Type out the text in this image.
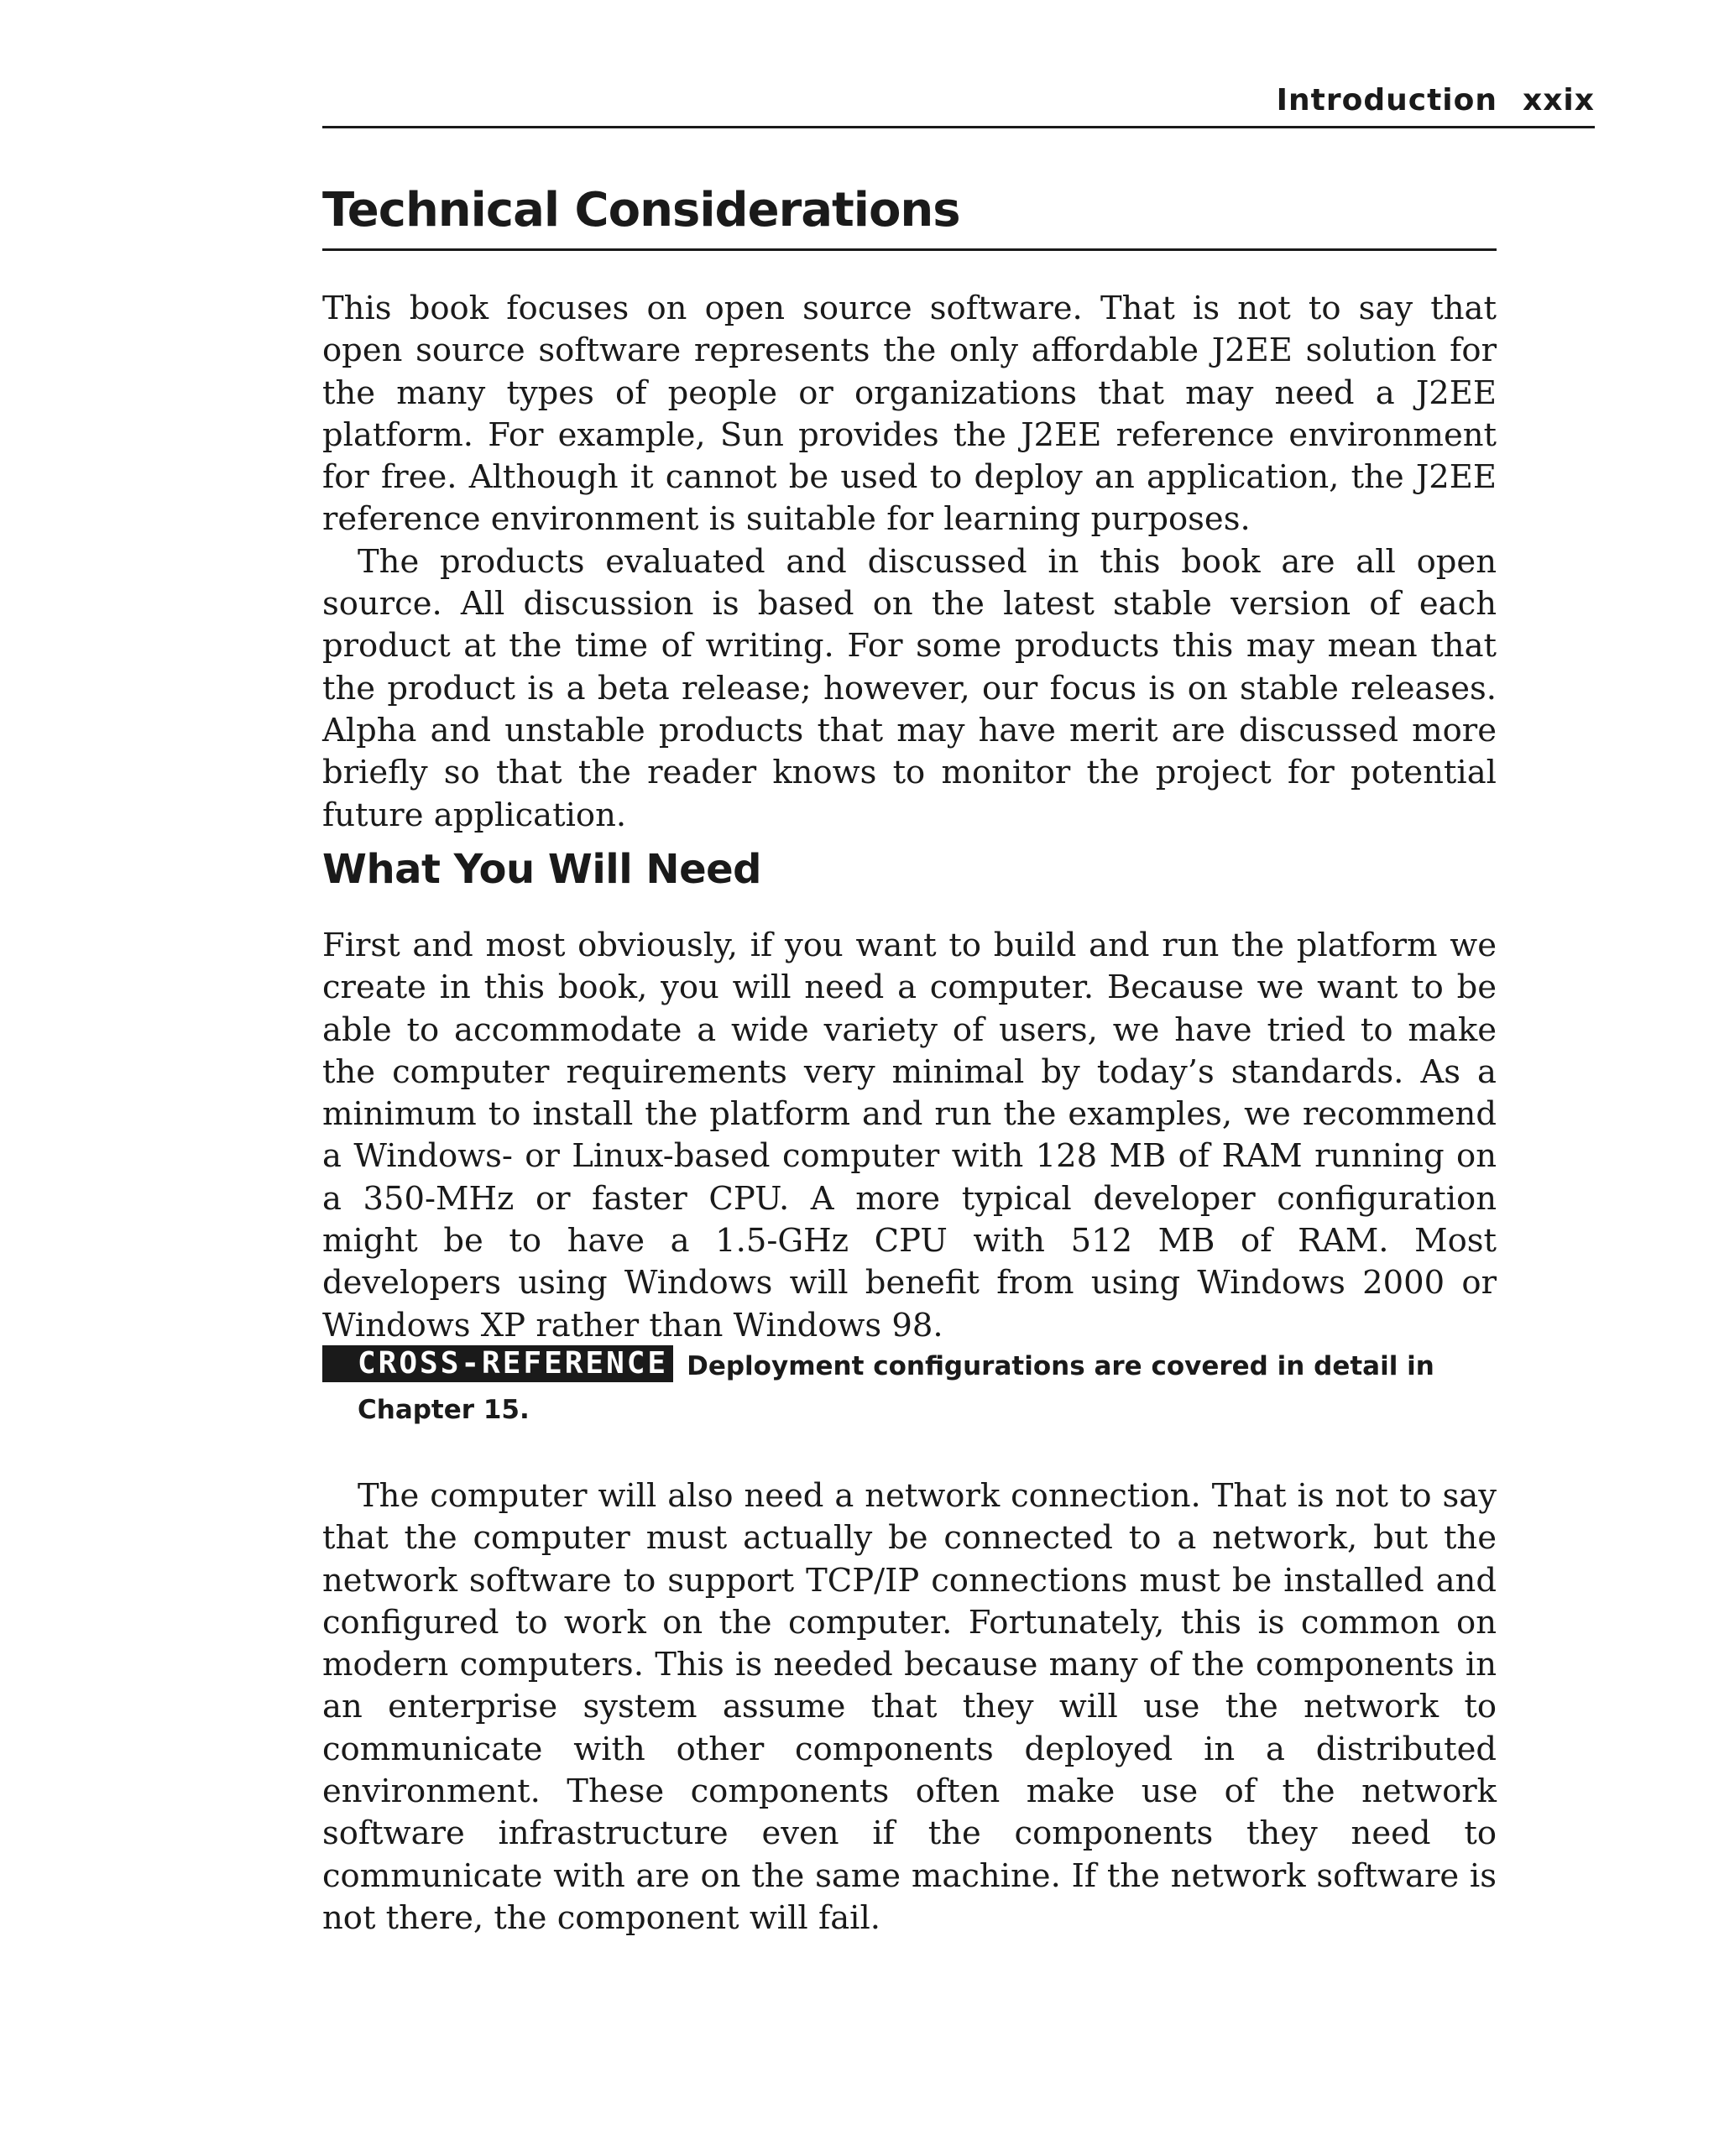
Introduction xxix
Technical Considerations

This book focuses on open source software. That is not to say that open source software represents the only affordable J2EE solution for the many types of people or organizations that may need a J2EE platform. For example, Sun provides the J2EE reference environment for free. Although it cannot be used to deploy an application, the J2EE reference environment is suitable for learning purposes.

The products evaluated and discussed in this book are all open source. All discussion is based on the latest stable version of each product at the time of writing. For some products this may mean that the product is a beta release; however, our focus is on stable releases. Alpha and unstable products that may have merit are discussed more briefly so that the reader knows to monitor the project for potential future application.

What You Will Need

First and most obviously, if you want to build and run the platform we create in this book, you will need a computer. Because we want to be able to accommodate a wide variety of users, we have tried to make the computer requirements very minimal by today’s standards. As a minimum to install the platform and run the examples, we recommend a Windows- or Linux-based computer with 128 MB of RAM running on a 350-MHz or faster CPU. A more typical developer configuration might be to have a 1.5-GHz CPU with 512 MB of RAM. Most developers using Windows will benefit from using Windows 2000 or Windows XP rather than Windows 98.

CROSS-REFERENCE Deployment configurations are covered in detail in
Chapter 15.

The computer will also need a network connection. That is not to say that the computer must actually be connected to a network, but the network software to support TCP/IP connections must be installed and configured to work on the computer. Fortunately, this is common on modern computers. This is needed because many of the components in an enterprise system assume that they will use the network to communicate with other components deployed in a distributed environment. These components often make use of the network software infrastructure even if the components they need to communicate with are on the same machine. If the network software is not there, the component will fail.
